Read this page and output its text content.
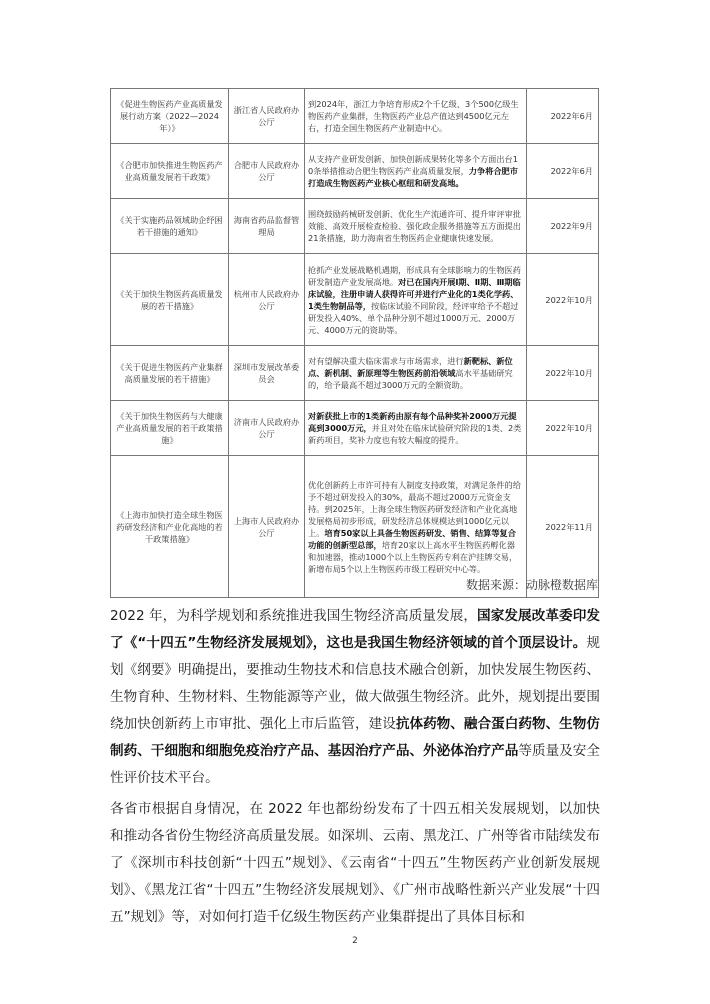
《促进生物医药产业高质量发展行动方案（2022—2024年）》	浙江省人民政府办公厅	到2024年，浙江力争培育形成2个千亿级、3个500亿级生物医药产业集群，生物医药产业总产值达到4500亿元左右，打造全国生物医药产业制造中心。	2022年6月
《合肥市加快推进生物医药产业高质量发展若干政策》	合肥市人民政府办公厅	从支持产业研发创新、加快创新成果转化等多个方面出台10条举措推动合肥生物医药产业高质量发展，力争将合肥市打造成生物医药产业核心枢纽和研发高地。	2022年6月
《关于实施药品领域助企纾困若干措施的通知》	海南省药品监督管理局	围绕鼓励药械研发创新、优化生产流通许可、提升审评审批效能、高效开展检查检验、强化政企服务措施等五方面提出21条措施，助力海南省生物医药企业健康快速发展。	2022年9月
《关于加快生物医药高质量发展的若干措施》	杭州市人民政府办公厅	抢抓产业发展战略机遇期，形成具有全球影响力的生物医药研发制造产业发展高地。对已在国内开展Ⅰ期、Ⅱ期、Ⅲ期临床试验，注册申请人获得许可并进行产业化的1类化学药、1类生物制品等，按临床试验不同阶段，经评审给予不超过研发投入40%、单个品种分别不超过1000万元、2000万元、4000万元的资助等。	2022年10月
《关于促进生物医药产业集群高质量发展的若干措施》	深圳市发展改革委员会	对有望解决重大临床需求与市场需求，进行新靶标、新位点、新机制、新原理等生物医药前沿领域高水平基础研究的，给予最高不超过3000万元的全额资助。	2022年10月
《关于加快生物医药与大健康产业高质量发展的若干政策措施》	济南市人民政府办公厅	对新获批上市的1类新药由原有每个品种奖补2000万元提高到3000万元，并且对处在临床试验研究阶段的1类、2类新药项目，奖补力度也有较大幅度的提升。	2022年10月
《上海市加快打造全球生物医药研发经济和产业化高地的若干政策措施》	上海市人民政府办公厅	优化创新药上市许可持有人制度支持政策，对满足条件的给予不超过研发投入的30%，最高不超过2000万元资金支持。到2025年，上海全球生物医药研发经济和产业化高地发展格局初步形成，研发经济总体规模达到1000亿元以上。培育50家以上具备生物医药研发、销售、结算等复合功能的创新型总部，培育20家以上高水平生物医药孵化器和加速器，推动1000个以上生物医药专利在沪挂牌交易，新增布局5个以上生物医药市级工程研究中心等。	2022年11月
数据来源：动脉橙数据库

2022 年，为科学规划和系统推进我国生物经济高质量发展，国家发展改革委印发了《“十四五”生物经济发展规划》，这也是我国生物经济领域的首个顶层设计。规划《纲要》明确提出，要推动生物技术和信息技术融合创新，加快发展生物医药、生物育种、生物材料、生物能源等产业，做大做强生物经济。此外，规划提出要围绕加快创新药上市审批、强化上市后监管，建设抗体药物、融合蛋白药物、生物仿制药、干细胞和细胞免疫治疗产品、基因治疗产品、外泌体治疗产品等质量及安全性评价技术平台。

各省市根据自身情况，在 2022 年也都纷纷发布了十四五相关发展规划，以加快和推动各省份生物经济高质量发展。如深圳、云南、黑龙江、广州等省市陆续发布了《深圳市科技创新“十四五”规划》、《云南省“十四五”生物医药产业创新发展规划》、《黑龙江省“十四五”生物经济发展规划》、《广州市战略性新兴产业发展“十四五”规划》等，对如何打造千亿级生物医药产业集群提出了具体目标和

2
